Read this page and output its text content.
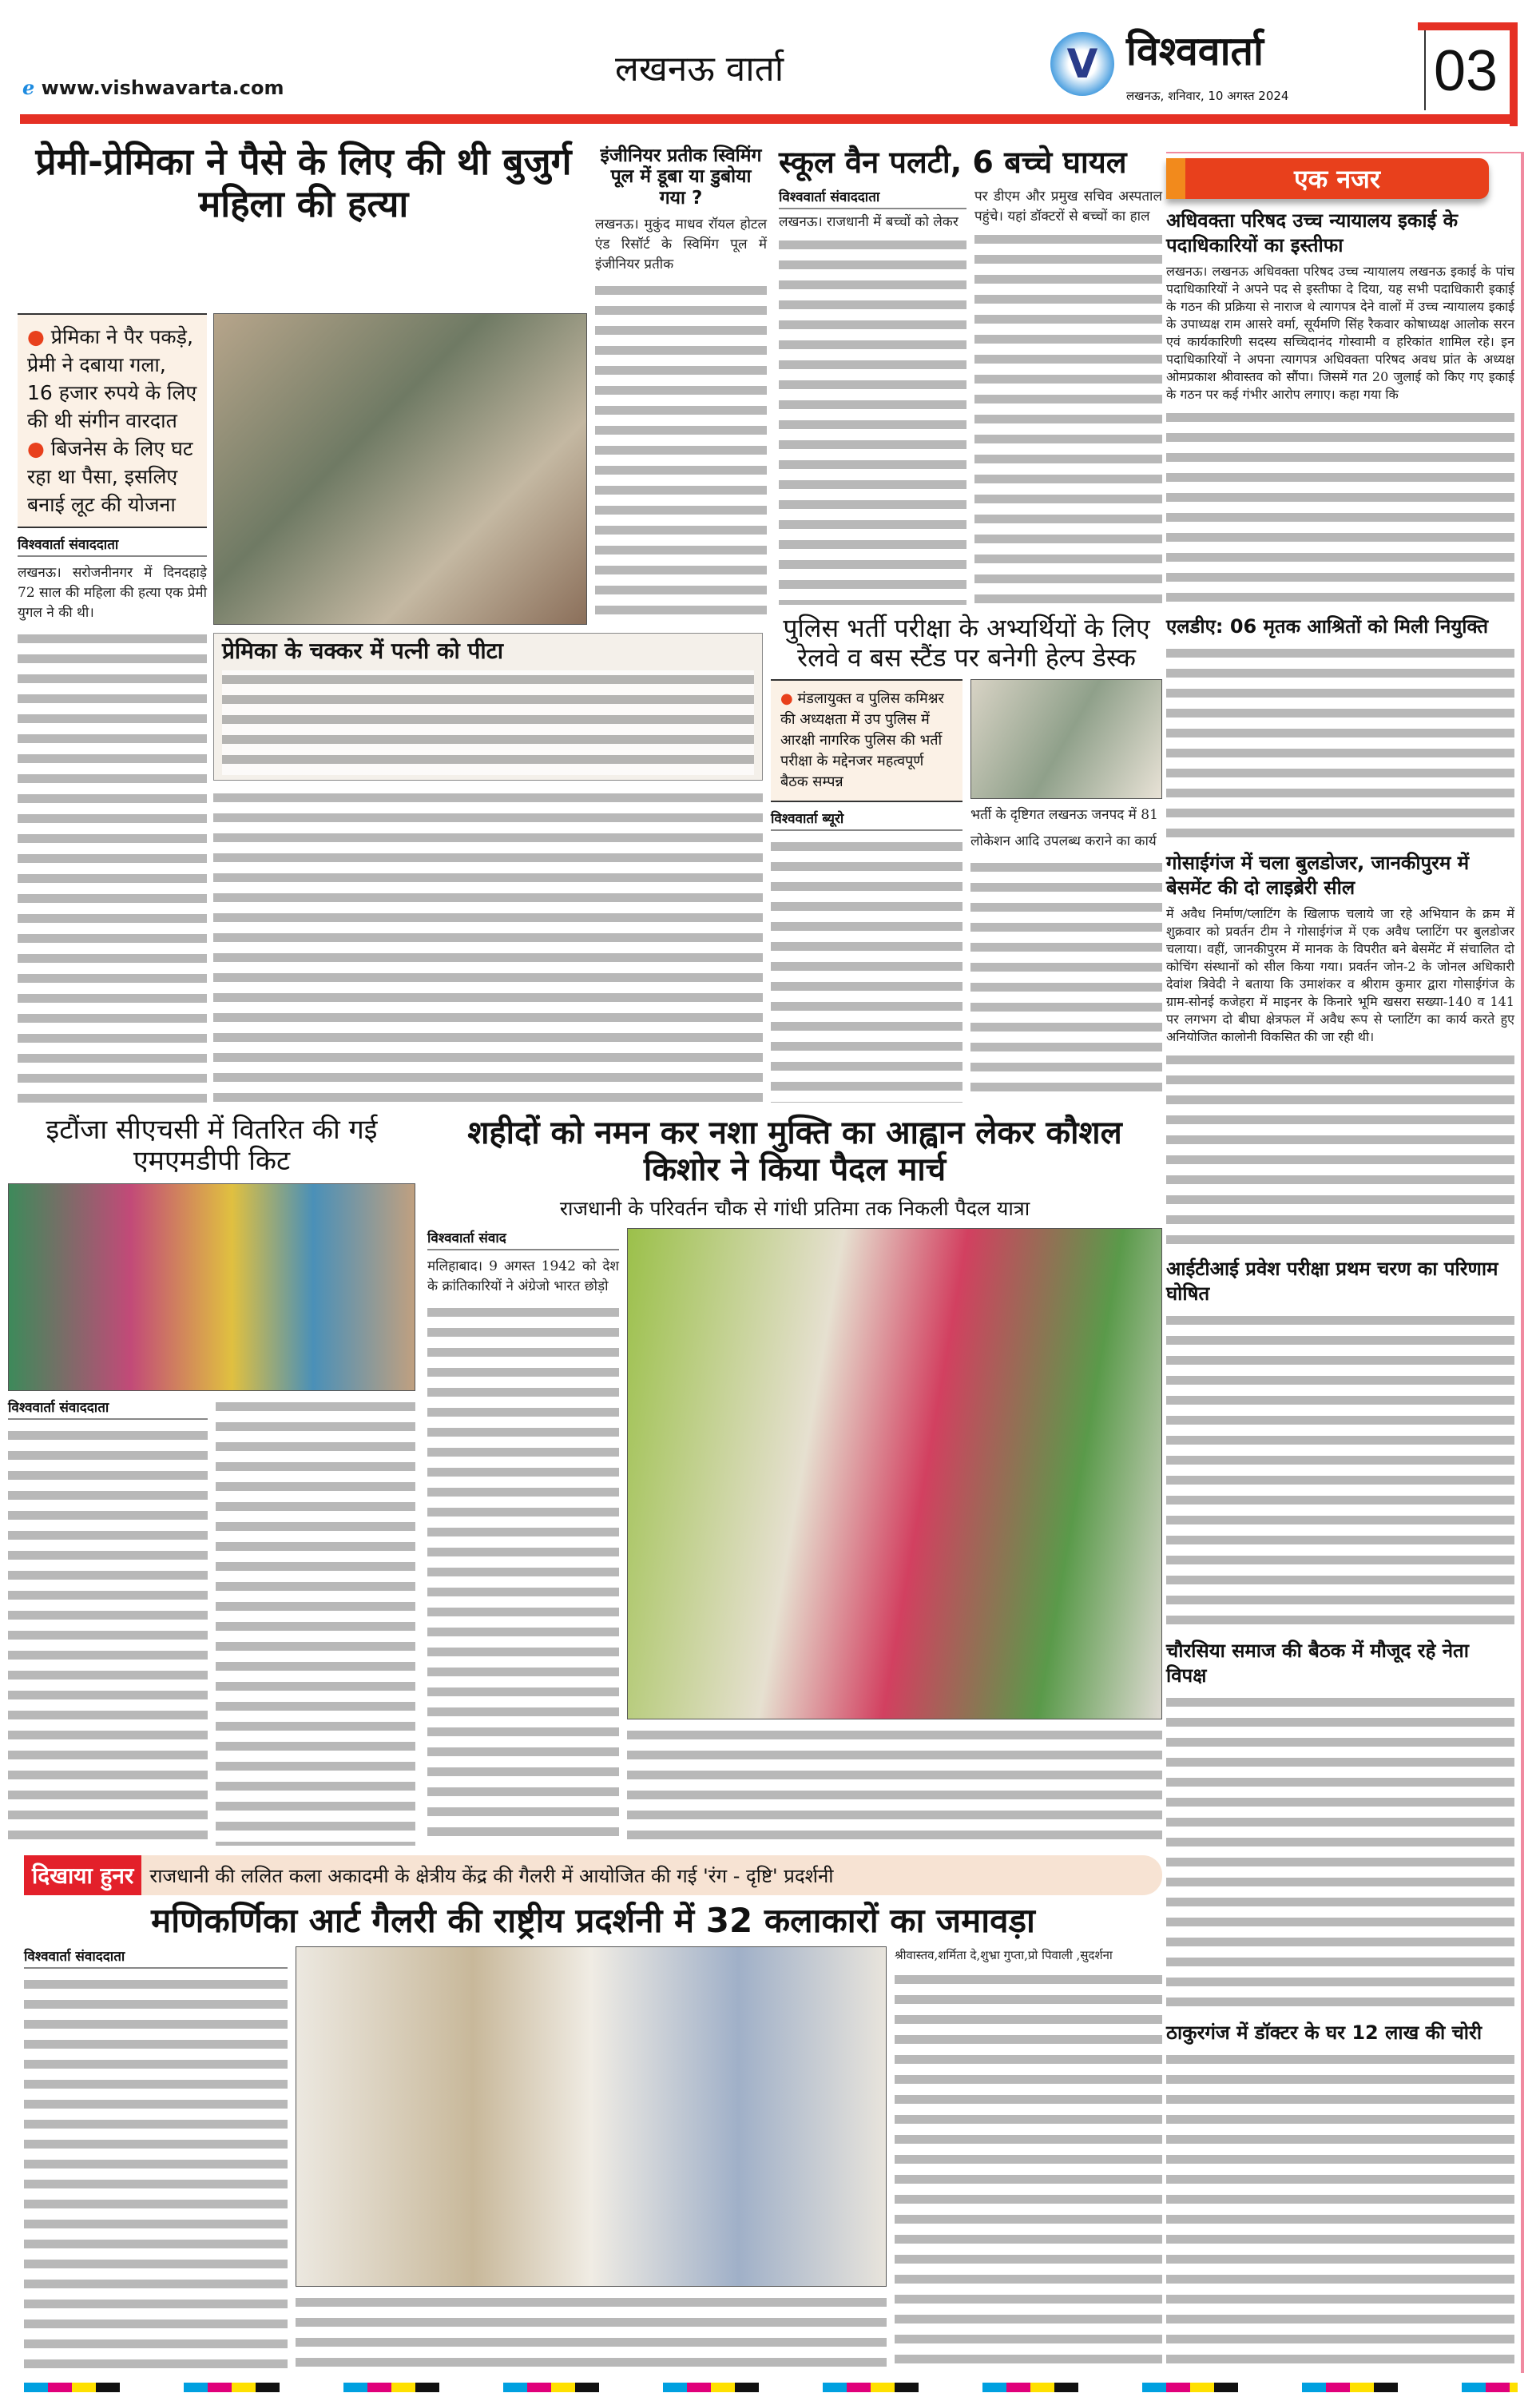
ℯ www.vishwavarta.com	लखनऊ वार्ता	V विश्ववार्ता
लखनऊ, शनिवार, 10 अगस्त 2024	03
प्रेमी-प्रेमिका ने पैसे के लिए की थी बुजुर्ग महिला की हत्या
● प्रेमिका ने पैर पकड़े, प्रेमी ने दबाया गला, 16 हजार रुपये के लिए की थी संगीन वारदात
● बिजनेस के लिए घट रहा था पैसा, इसलिए बनाई लूट की योजना
विश्ववार्ता संवाददाता
लखनऊ। सरोजनीनगर में दिनदहाड़े 72 साल की महिला की हत्या एक प्रेमी युगल ने की थी।
इंजीनियर प्रतीक स्विमिंग पूल में डूबा या डुबोया गया ?
लखनऊ। मुकुंद माधव रॉयल होटल एंड रिसॉर्ट के स्विमिंग पूल में इंजीनियर प्रतीक
स्कूल वैन पलटी, 6 बच्चे घायल
विश्ववार्ता संवाददाता
लखनऊ। राजधानी में बच्चों को लेकर
पर डीएम और प्रमुख सचिव अस्पताल पहुंचे। यहां डॉक्टरों से बच्चों का हाल
प्रेमिका के चक्कर में पत्नी को पीटा
पुलिस भर्ती परीक्षा के अभ्यर्थियों के लिए रेलवे व बस स्टैंड पर बनेगी हेल्प डेस्क
● मंडलायुक्त व पुलिस कमिश्नर की अध्यक्षता में उप पुलिस में आरक्षी नागरिक पुलिस की भर्ती परीक्षा के मद्देनजर महत्वपूर्ण बैठक सम्पन्न
विश्ववार्ता ब्यूरो	भर्ती के दृष्टिगत लखनऊ जनपद में 81
लोकेशन आदि उपलब्ध कराने का कार्य
इटौंजा सीएचसी में वितरित की गई एमएमडीपी किट
विश्ववार्ता संवाददाता
शहीदों को नमन कर नशा मुक्ति का आह्वान लेकर कौशल किशोर ने किया पैदल मार्च
राजधानी के परिवर्तन चौक से गांधी प्रतिमा तक निकली पैदल यात्रा
विश्ववार्ता संवाद
मलिहाबाद। 9 अगस्त 1942 को देश के क्रांतिकारियों ने अंग्रेजो भारत छोड़ो
दिखाया हुनर राजधानी की ललित कला अकादमी के क्षेत्रीय केंद्र की गैलरी में आयोजित की गई 'रंग - दृष्टि' प्रदर्शनी
मणिकर्णिका आर्ट गैलरी की राष्ट्रीय प्रदर्शनी में 32 कलाकारों का जमावड़ा
विश्ववार्ता संवाददाता	श्रीवास्तव,शर्मिता दे,शुभ्रा गुप्ता,प्रो पिवाली ,सुदर्शना
एक नजर
अधिवक्ता परिषद उच्च न्यायालय इकाई के पदाधिकारियों का इस्तीफा
लखनऊ। लखनऊ अधिवक्ता परिषद उच्च न्यायालय लखनऊ इकाई के पांच पदाधिकारियों ने अपने पद से इस्तीफा दे दिया, यह सभी पदाधिकारी इकाई के गठन की प्रक्रिया से नाराज थे त्यागपत्र देने वालों में उच्च न्यायालय इकाई के उपाध्यक्ष राम आसरे वर्मा, सूर्यमणि सिंह रैकवार कोषाध्यक्ष आलोक सरन एवं कार्यकारिणी सदस्य सच्चिदानंद गोस्वामी व हरिकांत शामिल रहे। इन पदाधिकारियों ने अपना त्यागपत्र अधिवक्ता परिषद अवध प्रांत के अध्यक्ष ओमप्रकाश श्रीवास्तव को सौंपा। जिसमें गत 20 जुलाई को किए गए इकाई के गठन पर कई गंभीर आरोप लगाए। कहा गया कि
एलडीए: 06 मृतक आश्रितों को मिली नियुक्ति
गोसाईगंज में चला बुलडोजर, जानकीपुरम में बेसमेंट की दो लाइब्रेरी सील
में अवैध निर्माण/प्लाटिंग के खिलाफ चलाये जा रहे अभियान के क्रम में शुक्रवार को प्रवर्तन टीम ने गोसाईगंज में एक अवैध प्लाटिंग पर बुलडोजर चलाया। वहीं, जानकीपुरम में मानक के विपरीत बने बेसमेंट में संचालित दो कोचिंग संस्थानों को सील किया गया। प्रवर्तन जोन-2 के जोनल अधिकारी देवांश त्रिवेदी ने बताया कि उमाशंकर व श्रीराम कुमार द्वारा गोसाईगंज के ग्राम-सोनई कजेहरा में माइनर के किनारे भूमि खसरा सख्या-140 व 141 पर लगभग दो बीघा क्षेत्रफल में अवैध रूप से प्लाटिंग का कार्य करते हुए अनियोजित कालोनी विकसित की जा रही थी।
आईटीआई प्रवेश परीक्षा प्रथम चरण का परिणाम घोषित
चौरसिया समाज की बैठक में मौजूद रहे नेता विपक्ष
ठाकुरगंज में डॉक्टर के घर 12 लाख की चोरी
